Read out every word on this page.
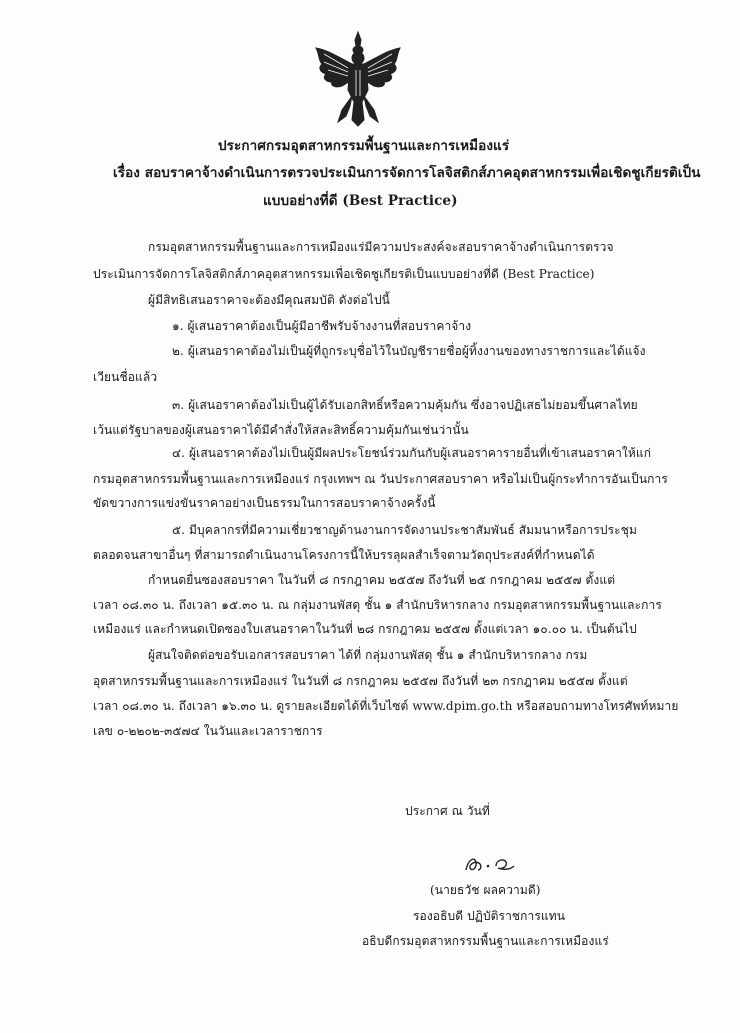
ประกาศกรมอุตสาหกรรมพื้นฐานและการเหมืองแร่
เรื่อง สอบราคาจ้างดำเนินการตรวจประเมินการจัดการโลจิสติกส์ภาคอุตสาหกรรมเพื่อเชิดชูเกียรติเป็น
แบบอย่างที่ดี (Best Practice)
กรมอุตสาหกรรมพื้นฐานและการเหมืองแร่มีความประสงค์จะสอบราคาจ้างดำเนินการตรวจ
ประเมินการจัดการโลจิสติกส์ภาคอุตสาหกรรมเพื่อเชิดชูเกียรติเป็นแบบอย่างที่ดี (Best Practice)
ผู้มีสิทธิเสนอราคาจะต้องมีคุณสมบัติ ดังต่อไปนี้
๑. ผู้เสนอราคาต้องเป็นผู้มีอาชีพรับจ้างงานที่สอบราคาจ้าง
๒. ผู้เสนอราคาต้องไม่เป็นผู้ที่ถูกระบุชื่อไว้ในบัญชีรายชื่อผู้ทิ้งงานของทางราชการและได้แจ้ง
เวียนชื่อแล้ว
๓. ผู้เสนอราคาต้องไม่เป็นผู้ได้รับเอกสิทธิ์หรือความคุ้มกัน ซึ่งอาจปฏิเสธไม่ยอมขึ้นศาลไทย
เว้นแต่รัฐบาลของผู้เสนอราคาได้มีคำสั่งให้สละสิทธิ์ความคุ้มกันเช่นว่านั้น
๔. ผู้เสนอราคาต้องไม่เป็นผู้มีผลประโยชน์ร่วมกันกับผู้เสนอราคารายอื่นที่เข้าเสนอราคาให้แก่
กรมอุตสาหกรรมพื้นฐานและการเหมืองแร่ กรุงเทพฯ ณ วันประกาศสอบราคา หรือไม่เป็นผู้กระทำการอันเป็นการ
ขัดขวางการแข่งขันราคาอย่างเป็นธรรมในการสอบราคาจ้างครั้งนี้
๕. มีบุคลากรที่มีความเชี่ยวชาญด้านงานการจัดงานประชาสัมพันธ์ สัมมนาหรือการประชุม
ตลอดจนสาขาอื่นๆ ที่สามารถดำเนินงานโครงการนี้ให้บรรลุผลสำเร็จตามวัตถุประสงค์ที่กำหนดได้
กำหนดยื่นซองสอบราคา ในวันที่ ๘ กรกฎาคม ๒๕๕๗ ถึงวันที่ ๒๕ กรกฎาคม ๒๕๕๗ ตั้งแต่
เวลา ๐๘.๓๐ น. ถึงเวลา ๑๕.๓๐ น. ณ กลุ่มงานพัสดุ ชั้น ๑ สำนักบริหารกลาง กรมอุตสาหกรรมพื้นฐานและการ
เหมืองแร่ และกำหนดเปิดซองใบเสนอราคาในวันที่ ๒๘ กรกฎาคม ๒๕๕๗ ตั้งแต่เวลา ๑๐.๐๐ น. เป็นต้นไป
ผู้สนใจติดต่อขอรับเอกสารสอบราคา ได้ที่ กลุ่มงานพัสดุ ชั้น ๑ สำนักบริหารกลาง กรม
อุตสาหกรรมพื้นฐานและการเหมืองแร่ ในวันที่ ๘ กรกฎาคม ๒๕๕๗ ถึงวันที่ ๒๓ กรกฎาคม ๒๕๕๗ ตั้งแต่
เวลา ๐๘.๓๐ น. ถึงเวลา ๑๖.๓๐ น. ดูรายละเอียดได้ที่เว็บไซต์ www.dpim.go.th หรือสอบถามทางโทรศัพท์หมาย
เลข ๐-๒๒๐๒-๓๕๗๔ ในวันและเวลาราชการ
ประกาศ ณ วันที่
(นายธวัช ผลความดี)
รองอธิบดี ปฏิบัติราชการแทน
อธิบดีกรมอุตสาหกรรมพื้นฐานและการเหมืองแร่
